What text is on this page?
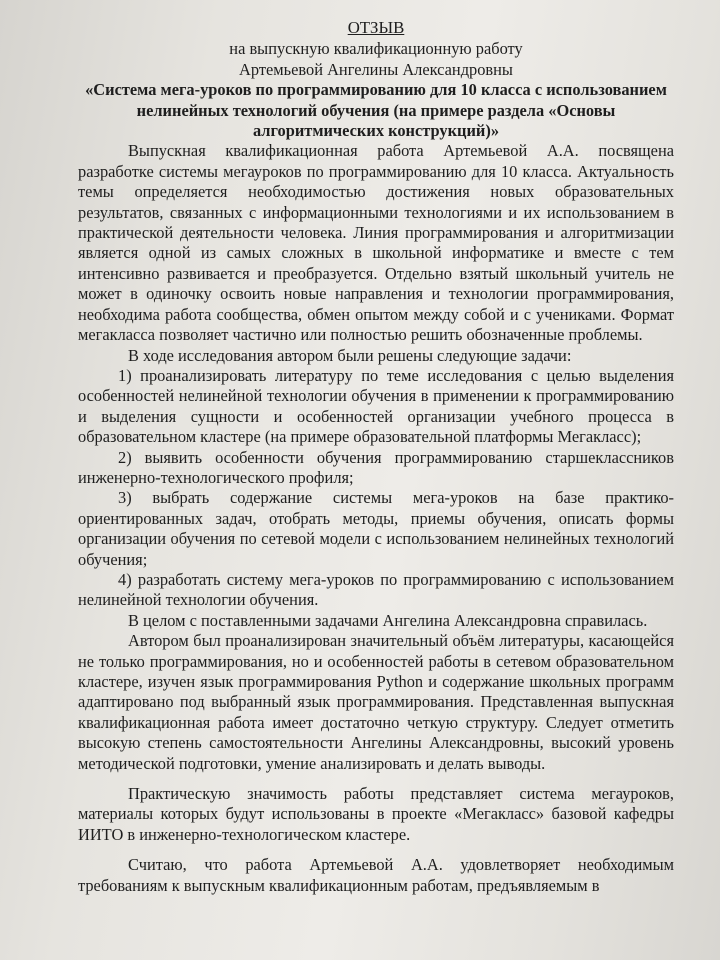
ОТЗЫВ
на выпускную квалификационную работу
Артемьевой Ангелины Александровны
«Система мега-уроков по программированию для 10 класса с использованием нелинейных технологий обучения (на примере раздела «Основы алгоритмических конструкций)»

Выпускная квалификационная работа Артемьевой А.А. посвящена разработке системы мегауроков по программированию для 10 класса. Актуальность темы определяется необходимостью достижения новых образовательных результатов, связанных с информационными технологиями и их использованием в практической деятельности человека. Линия программирования и алгоритмизации является одной из самых сложных в школьной информатике и вместе с тем интенсивно развивается и преобразуется. Отдельно взятый школьный учитель не может в одиночку освоить новые направления и технологии программирования, необходима работа сообщества, обмен опытом между собой и с учениками. Формат мегакласса позволяет частично или полностью решить обозначенные проблемы.

В ходе исследования автором были решены следующие задачи:

1) проанализировать литературу по теме исследования с целью выделения особенностей нелинейной технологии обучения в применении к программированию и выделения сущности и особенностей организации учебного процесса в образовательном кластере (на примере образовательной платформы Мегакласс);

2) выявить особенности обучения программированию старшеклассников инженерно-технологического профиля;

3) выбрать содержание системы мега-уроков на базе практико-ориентированных задач, отобрать методы, приемы обучения, описать формы организации обучения по сетевой модели с использованием нелинейных технологий обучения;

4) разработать систему мега-уроков по программированию с использованием нелинейной технологии обучения.

В целом с поставленными задачами Ангелина Александровна справилась.

Автором был проанализирован значительный объём литературы, касающейся не только программирования, но и особенностей работы в сетевом образовательном кластере, изучен язык программирования Python и содержание школьных программ адаптировано под выбранный язык программирования. Представленная выпускная квалификационная работа имеет достаточно четкую структуру. Следует отметить высокую степень самостоятельности Ангелины Александровны, высокий уровень методической подготовки, умение анализировать и делать выводы.

Практическую значимость работы представляет система мегауроков, материалы которых будут использованы в проекте «Мегакласс» базовой кафедры ИИТО в инженерно-технологическом кластере.

Считаю, что работа Артемьевой А.А. удовлетворяет необходимым требованиям к выпускным квалификационным работам, предъявляемым в
